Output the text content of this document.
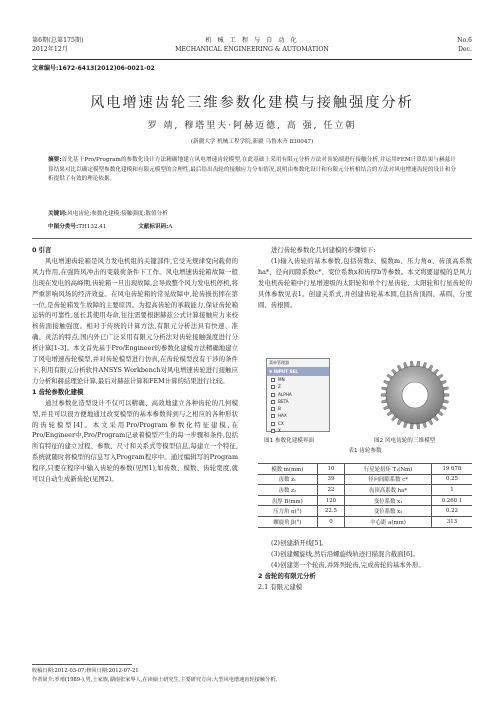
第6期(总第175期)
2012年12月
机 械 工 程 与 自 动 化
MECHANICAL ENGINEERING & AUTOMATION
No.6
Dec.
文章编号:1672-6413(2012)06-0021-02
风电增速齿轮三维参数化建模与接触强度分析
罗 靖, 穆塔里夫·阿赫迈德, 高 强, 任立朝
(新疆大学 机械工程学院,新疆 乌鲁木齐 830047)
摘要:首先基于Pro/Program的参数化设计方法精确地建立风电增速齿轮模型,在此基础上采用有限元分析方法对齿轮副进行接触分析,并运用FEM计算结果与赫兹计算结果对比以确定模型参数化建模和有限元模型的合理性,最后给出齿轮的接触应力分布情况,说明由参数化设计和有限元分析相结合的方法对风电增速齿轮的设计和分析提供了有效的理论依据。
关键词:风电齿轮;参数化建模;接触强度;数值分析
中图分类号:TH132.41	文献标识码:A
0 引言

风电增速齿轮箱是风力发电机组的关键部件,它受无规律变向载荷的风力作用,在强阵风冲击的变载荷条件下工作。风电增速齿轮箱故障一般出现在发电的高峰期,齿轮箱一旦出现故障,会导致整个风力发电机停机,将严重影响风场的经济效益。在风电齿轮箱的常见故障中,轮齿损伤摔在第一位,是齿轮箱发生故障的主要原因。为提高齿轮的承载能力,保证齿轮箱运转的可靠性,延长其使用寿命,往往需要根据赫兹公式计算接触应力来校核齿面接触强度。相对于传统的计算方法,有限元分析法具有快速、准确、灵活的特点,国内外已广泛采用有限元分析法对齿轮接触强度进行分析计算[1-3]。本文首先基于Pro/Engineer的参数化建模方法精确地建立了风电增速齿轮模型,并对齿轮模型进行仿真,在齿轮模型没有干涉的条件下,利用有限元分析软件ANSYS Workbench对风电增速齿轮进行接触应力分析和赫兹理论计算,最后对赫兹计算和FEM计算的结果进行比较。

1 齿轮参数化建模

通过参数化造型设计不仅可以精确、高效地建立各种齿轮的几何模型,并且可以很方便地通过改变模型的基本参数得到与之相应的各种形状的齿轮模型[4]。本文采用Pro/Program参数化特征建模,在Pro/Engineer中,Pro/Program记录着模型产生的每一步骤和条件,包括所有特征的建立过程、参数、尺寸和关系式等模型信息,每建立一个特征,系统就随时将模型的信息写入Program程序中。通过编辑写的Program程序,只要在程序中输入齿轮的参数(见图1),如齿数、模数、齿轮宽度,就可以自动生成新齿轮(见图2)。

进行齿轮参数化几何建模的步骤如下:

(1)输入齿轮的基本参数,包括齿数z、模数m、压力角α、齿顶高系数ha*、径向间隙系数c*、变位系数x和齿厚b等参数。本文将要建模的是风力发电机齿轮箱中行星增速级的太阳轮和单个行星齿轮、太阳轮和行星齿轮的具体参数见表1。创建关系式,并创建齿轮基本圆,包括齿顶圆、基圆、分度圆、齿根圆。

菜单管理器
▼ INPUT SEL
MN
Z
ALPHA
BETA
B
HAX
CX
X
图1 参数化建模界面	图2 风电齿轮的三维模型
表1 齿轮参数
模数 m(mm)	10	行星轮扭矩 T₁(Nm)	19 678
齿数 z₁	39	径向间隙系数 c*	0.25
齿数 z₂	22	齿顶高系数 ha*	1
齿厚 B(mm)	120	变位系数 x₁	0.260 1
压力角 α(°)	22.5	变位系数 x₂	0.22
螺旋角 β(°)	0	中心距 a(mm)	313

(2)创建渐开线[5]。

(3)创建螺旋线,然后沿螺旋线轨迹扫描混合截面[6]。

(4)创建第一个轮齿,并阵列轮齿,完成齿轮的基本外形。

2 齿轮的有限元分析
2.1 有限元建模
收稿日期:2012-03-07;修回日期:2012-07-21
作者简介:罗靖(1989-),男,土家族,湖南张家界人,在读硕士研究生,主要研究方向:大型风电增速齿轮接触分析。
